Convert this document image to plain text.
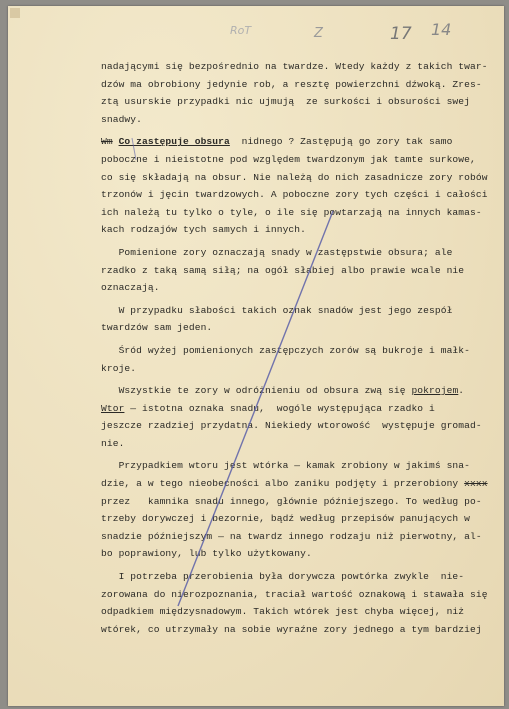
RoT	Z	17 14
nadającymi się bezpośrednio na twardze. Wtedy każdy z takich twar-
dzów ma obrobiony jedynie rob, a resztę powierzchni dźwoką. Zres-
ztą usurskie przypadki nic ujmują  ze surkości i obsurości swej
snadwy.
Wm Co zastępuje obsura  nidnego ? Zastępują go zory tak samo
poboczne i nieistotne pod względem twardzonym jak tamte surkowe,
co się składają na obsur. Nie należą do nich zasadnicze zory robów
trzonów i jęcin twardzowych. A poboczne zory tych części i całości
ich należą tu tylko o tyle, o ile się powtarzają na innych kamas-
kach rodzajów tych samych i innych.
Pomienione zory oznaczają snady w zastępstwie obsura; ale
rzadko z taką samą siłą; na ogół słabiej albo prawie wcale nie
oznaczają.
W przypadku słabości takich oznak snadów jest jego zespół
twardzów sam jeden.
Śród wyżej pomienionych zastępczych zorów są bukroje i małk-
kroje.
Wszystkie te zory w odróżnieniu od obsura zwą się pokrojem.
Wtor — istotna oznaka snadu,  wogóle występująca rzadko i
jeszcze rzadziej przydatna. Niekiedy wtorowość  występuje gromad-
nie.
Przypadkiem wtoru jest wtórka — kamak zrobiony w jakimś sna-
dzie, a w tego nieobecności albo zaniku podjęty i przerobiony xxxx
przez   kamnika snadu innego, głównie późniejszego. To według po-
trzeby dorywczej i bezornie, bądź według przepisów panujących w
snadzie późniejszym — na twardz innego rodzaju niż pierwotny, al-
bo poprawiony, lub tylko użytkowany.
I potrzeba przerobienia była dorywcza powtórka zwykle  nie-
zorowana do nierozpoznania, traciał wartość oznakową i stawała się
odpadkiem międzysnadowym. Takich wtórek jest chyba więcej, niż
wtórek, co utrzymały na sobie wyraźne zory jednego a tym bardziej
